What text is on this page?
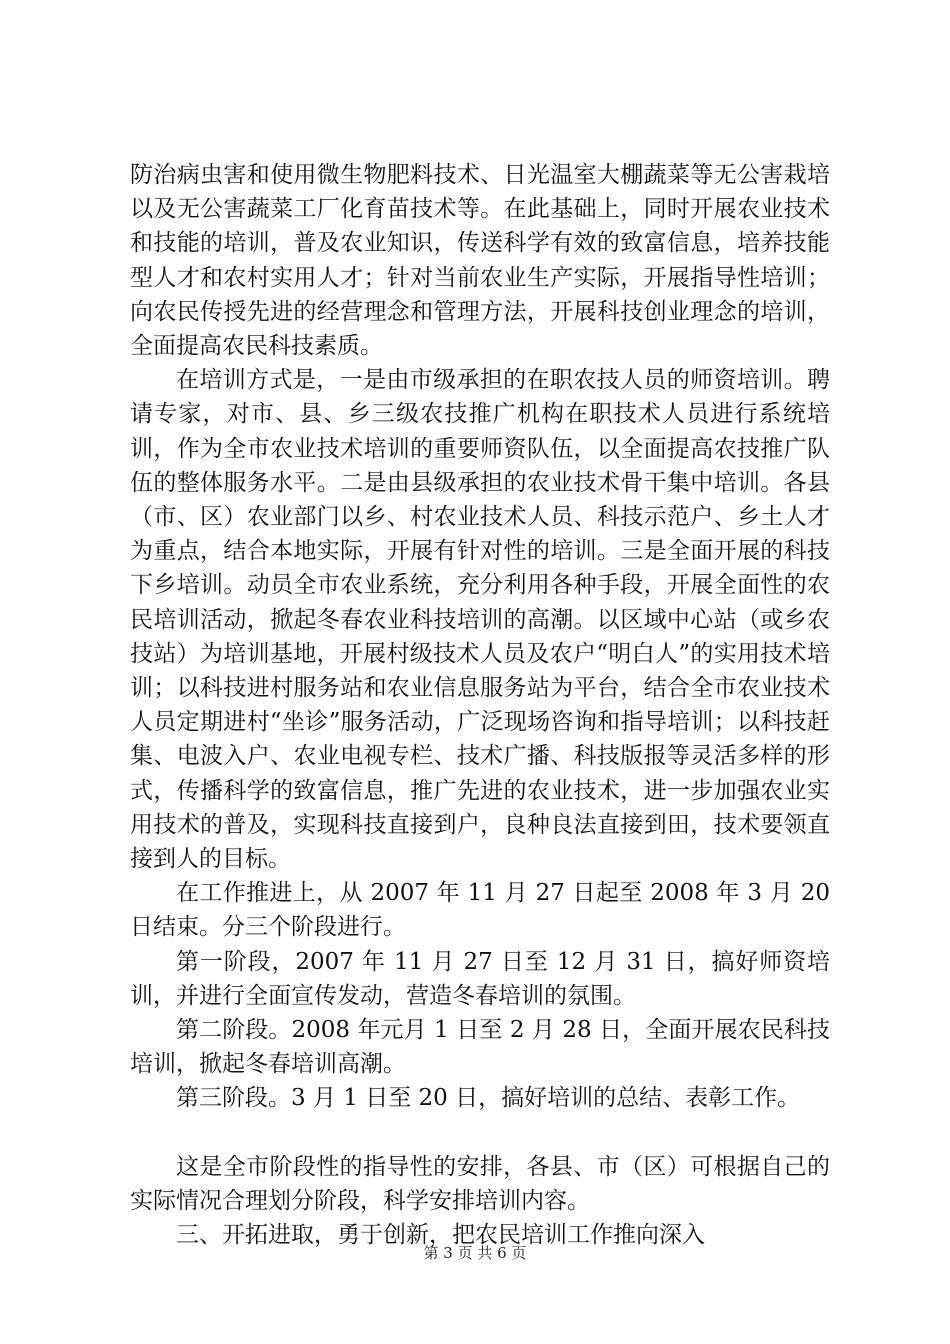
防治病虫害和使用微生物肥料技术、日光温室大棚蔬菜等无公害栽培以及无公害蔬菜工厂化育苗技术等。在此基础上，同时开展农业技术和技能的培训，普及农业知识，传送科学有效的致富信息，培养技能型人才和农村实用人才；针对当前农业生产实际，开展指导性培训；向农民传授先进的经营理念和管理方法，开展科技创业理念的培训，全面提高农民科技素质。

在培训方式是，一是由市级承担的在职农技人员的师资培训。聘请专家，对市、县、乡三级农技推广机构在职技术人员进行系统培训，作为全市农业技术培训的重要师资队伍，以全面提高农技推广队伍的整体服务水平。二是由县级承担的农业技术骨干集中培训。各县（市、区）农业部门以乡、村农业技术人员、科技示范户、乡土人才为重点，结合本地实际，开展有针对性的培训。三是全面开展的科技下乡培训。动员全市农业系统，充分利用各种手段，开展全面性的农民培训活动，掀起冬春农业科技培训的高潮。以区域中心站（或乡农技站）为培训基地，开展村级技术人员及农户“明白人”的实用技术培训；以科技进村服务站和农业信息服务站为平台，结合全市农业技术人员定期进村“坐诊”服务活动，广泛现场咨询和指导培训；以科技赶集、电波入户、农业电视专栏、技术广播、科技版报等灵活多样的形式，传播科学的致富信息，推广先进的农业技术，进一步加强农业实用技术的普及，实现科技直接到户，良种良法直接到田，技术要领直接到人的目标。

在工作推进上，从 2007 年 11 月 27 日起至 2008 年 3 月 20 日结束。分三个阶段进行。

第一阶段，2007 年 11 月 27 日至 12 月 31 日，搞好师资培训，并进行全面宣传发动，营造冬春培训的氛围。

第二阶段。2008 年元月 1 日至 2 月 28 日，全面开展农民科技培训，掀起冬春培训高潮。

第三阶段。3 月 1 日至 20 日，搞好培训的总结、表彰工作。

这是全市阶段性的指导性的安排，各县、市（区）可根据自己的实际情况合理划分阶段，科学安排培训内容。

三、开拓进取，勇于创新，把农民培训工作推向深入

第 3 页 共 6 页
